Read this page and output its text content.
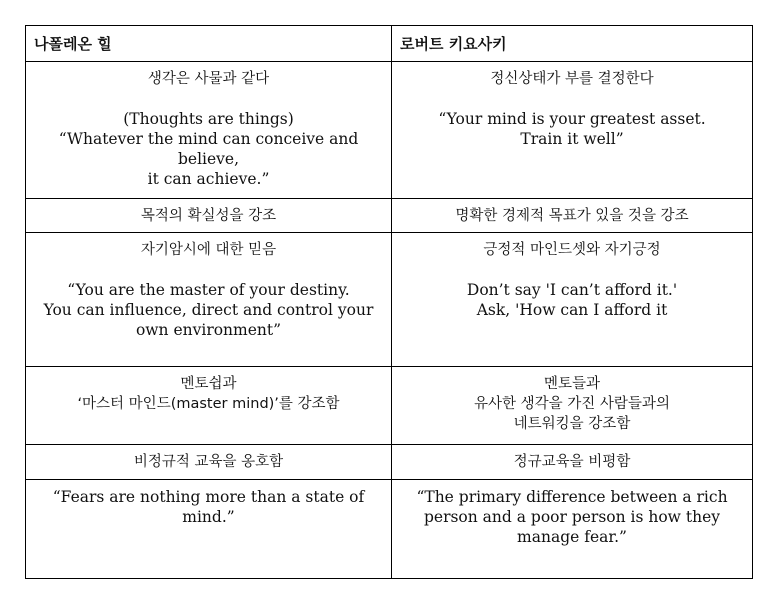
나폴레온 힐	로버트 키요사키

생각은 사물과 같다
(Thoughts are things)
“Whatever the mind can conceive and
believe,
it can achieve.”	정신상태가 부를 결정한다
“Your mind is your greatest asset.
Train it well”

목적의 확실성을 강조	명확한 경제적 목표가 있을 것을 강조

자기암시에 대한 믿음
“You are the master of your destiny.
You can influence, direct and control your
own environment”	긍정적 마인드셋와 자기긍정
Don’t say 'I can’t afford it.'
Ask, 'How can I afford it

멘토쉽과
‘마스터 마인드(master mind)’를 강조함	멘토들과
유사한 생각을 가진 사람들과의
네트워킹을 강조함

비정규적 교육을 옹호함	정규교육을 비평함

“Fears are nothing more than a state of
mind.”	“The primary difference between a rich
person and a poor person is how they
manage fear.”
